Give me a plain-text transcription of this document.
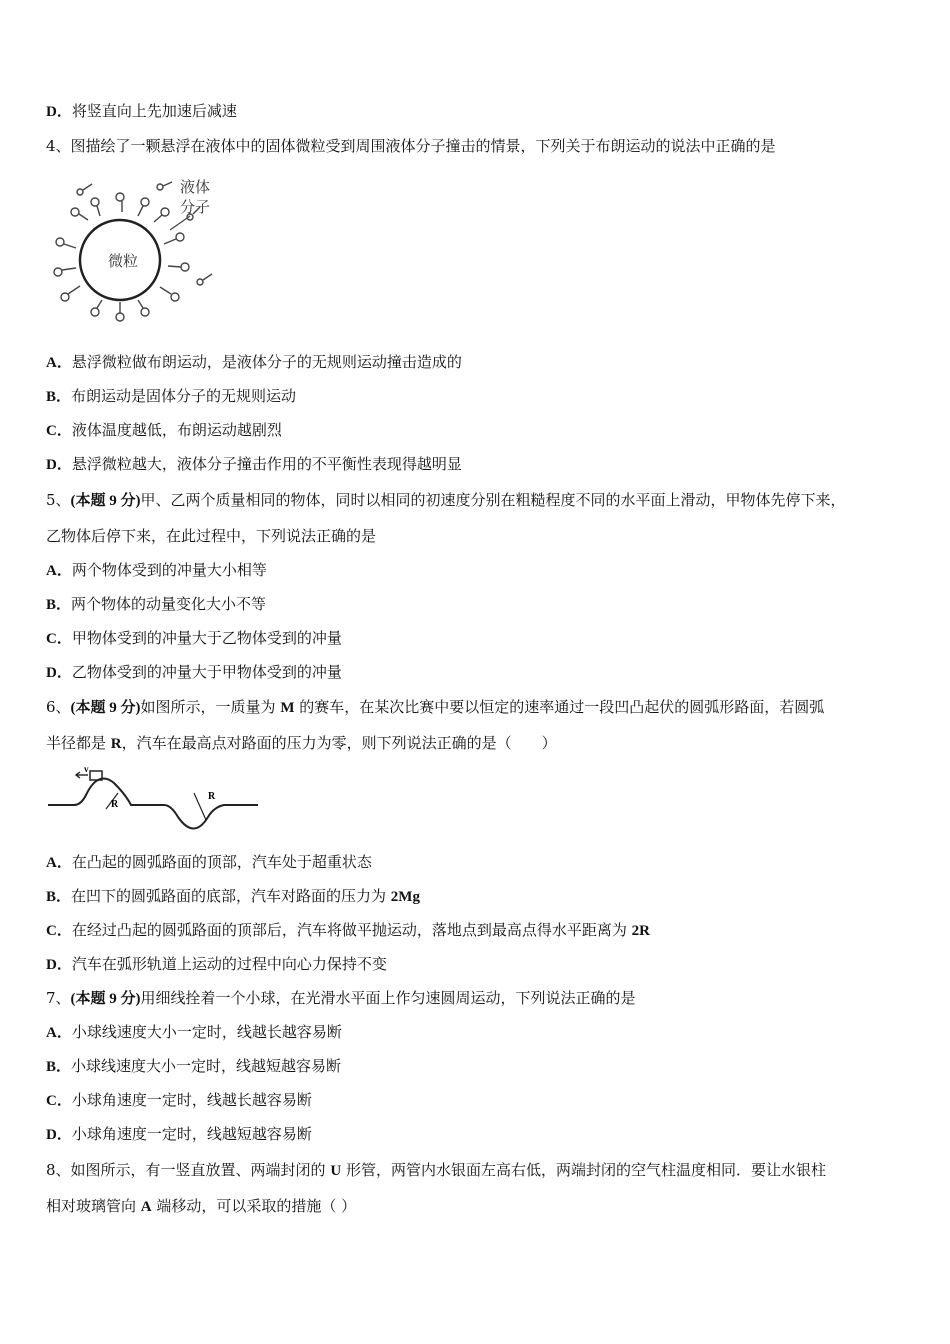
D．将竖直向上先加速后减速
4、图描绘了一颗悬浮在液体中的固体微粒受到周围液体分子撞击的情景，下列关于布朗运动的说法中正确的是
微粒
液体
分子
A．悬浮微粒做布朗运动，是液体分子的无规则运动撞击造成的
B．布朗运动是固体分子的无规则运动
C．液体温度越低，布朗运动越剧烈
D．悬浮微粒越大，液体分子撞击作用的不平衡性表现得越明显
5、(本题 9 分)甲、乙两个质量相同的物体，同时以相同的初速度分别在粗糙程度不同的水平面上滑动，甲物体先停下来，
乙物体后停下来，在此过程中，下列说法正确的是
A．两个物体受到的冲量大小相等
B．两个物体的动量变化大小不等
C．甲物体受到的冲量大于乙物体受到的冲量
D．乙物体受到的冲量大于甲物体受到的冲量
6、(本题 9 分)如图所示，一质量为 M 的赛车，在某次比赛中要以恒定的速率通过一段凹凸起伏的圆弧形路面，若圆弧
半径都是 R，汽车在最高点对路面的压力为零，则下列说法正确的是（　　）
v
R
R
A．在凸起的圆弧路面的顶部，汽车处于超重状态
B．在凹下的圆弧路面的底部，汽车对路面的压力为 2Mg
C．在经过凸起的圆弧路面的顶部后，汽车将做平抛运动，落地点到最高点得水平距离为 2R
D．汽车在弧形轨道上运动的过程中向心力保持不变
7、(本题 9 分)用细线拴着一个小球，在光滑水平面上作匀速圆周运动，下列说法正确的是
A．小球线速度大小一定时，线越长越容易断
B．小球线速度大小一定时，线越短越容易断
C．小球角速度一定时，线越长越容易断
D．小球角速度一定时，线越短越容易断
8、如图所示，有一竖直放置、两端封闭的 U 形管，两管内水银面左高右低，两端封闭的空气柱温度相同．要让水银柱
相对玻璃管向 A 端移动，可以采取的措施（ ）
